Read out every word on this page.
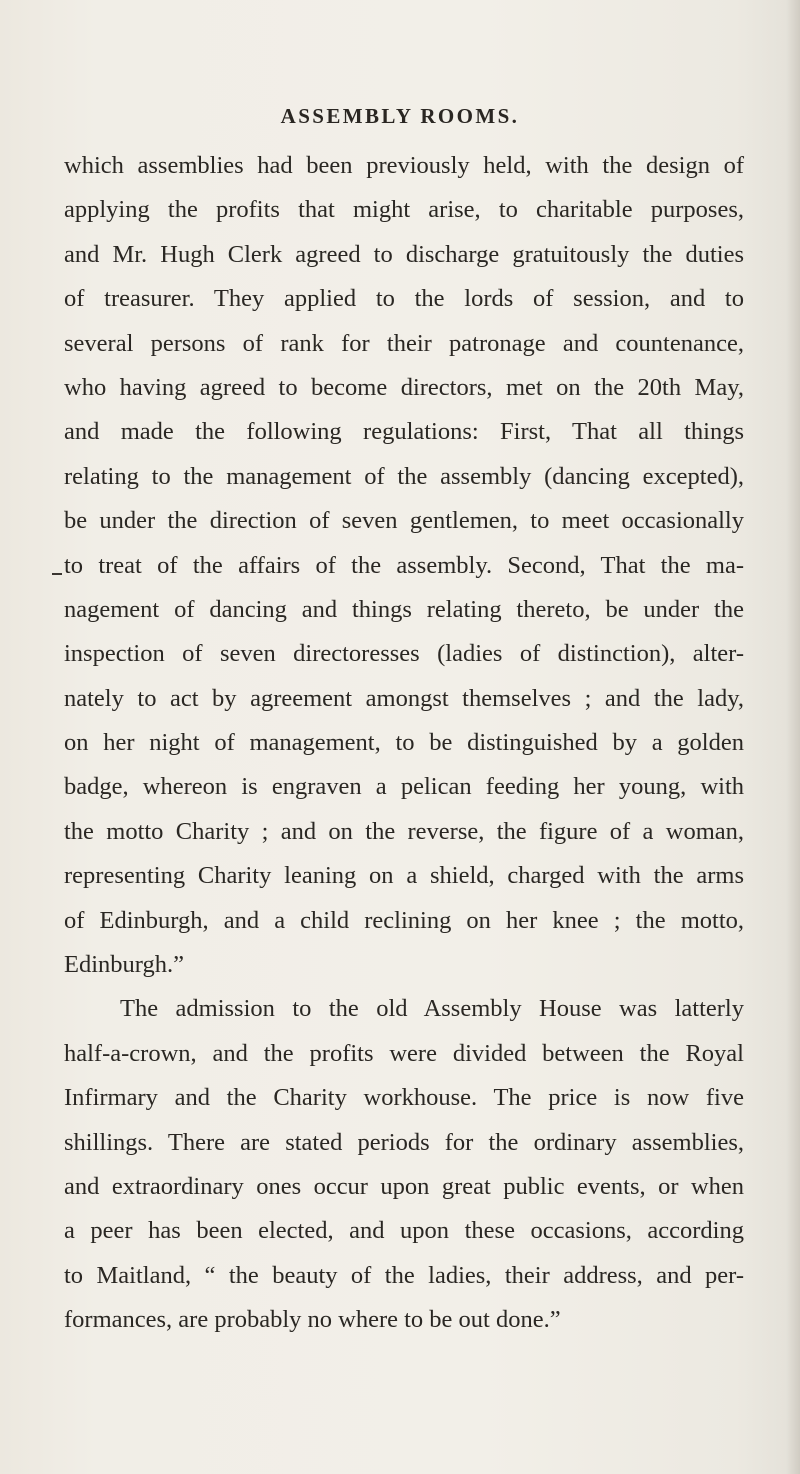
ASSEMBLY ROOMS.
which assemblies had been previously held, with the design of
applying the profits that might arise, to charitable purposes,
and Mr. Hugh Clerk agreed to discharge gratuitously the duties
of treasurer. They applied to the lords of session, and to
several persons of rank for their patronage and countenance,
who having agreed to become directors, met on the 20th May,
and made the following regulations: First, That all things
relating to the management of the assembly (dancing excepted),
be under the direction of seven gentlemen, to meet occasionally
to treat of the affairs of the assembly. Second, That the ma-
nagement of dancing and things relating thereto, be under the
inspection of seven directoresses (ladies of distinction), alter-
nately to act by agreement amongst themselves ; and the lady,
on her night of management, to be distinguished by a golden
badge, whereon is engraven a pelican feeding her young, with
the motto Charity ; and on the reverse, the figure of a woman,
representing Charity leaning on a shield, charged with the arms
of Edinburgh, and a child reclining on her knee ; the motto,
Edinburgh.”
The admission to the old Assembly House was latterly
half-a-crown, and the profits were divided between the Royal
Infirmary and the Charity workhouse. The price is now five
shillings. There are stated periods for the ordinary assemblies,
and extraordinary ones occur upon great public events, or when
a peer has been elected, and upon these occasions, according
to Maitland, “ the beauty of the ladies, their address, and per-
formances, are probably no where to be out done.”
